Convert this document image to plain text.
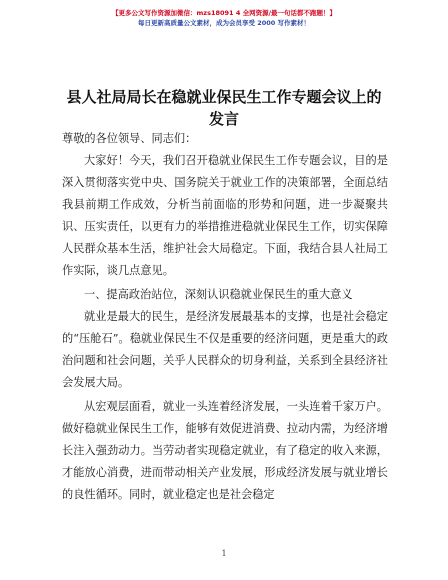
【更多公文写作资源加微信：mzs18091 4 全网资源/最一句话都不跑题！】
每日更新高质量公文素材，成为会员享受 2000 写作素材！
县人社局局长在稳就业保民生工作专题会议上的发言
尊敬的各位领导、同志们：

大家好！今天，我们召开稳就业保民生工作专题会议，目的是深入贯彻落实党中央、国务院关于就业工作的决策部署，全面总结我县前期工作成效，分析当前面临的形势和问题，进一步凝聚共识、压实责任，以更有力的举措推进稳就业保民生工作，切实保障人民群众基本生活，维护社会大局稳定。下面，我结合县人社局工作实际，谈几点意见。

一、提高政治站位，深刻认识稳就业保民生的重大意义

就业是最大的民生，是经济发展最基本的支撑，也是社会稳定的“压舱石”。稳就业保民生不仅是重要的经济问题，更是重大的政治问题和社会问题，关乎人民群众的切身利益，关系到全县经济社会发展大局。

从宏观层面看，就业一头连着经济发展，一头连着千家万户。做好稳就业保民生工作，能够有效促进消费、拉动内需，为经济增长注入强劲动力。当劳动者实现稳定就业，有了稳定的收入来源，才能放心消费，进而带动相关产业发展，形成经济发展与就业增长的良性循环。同时，就业稳定也是社会稳定

1
